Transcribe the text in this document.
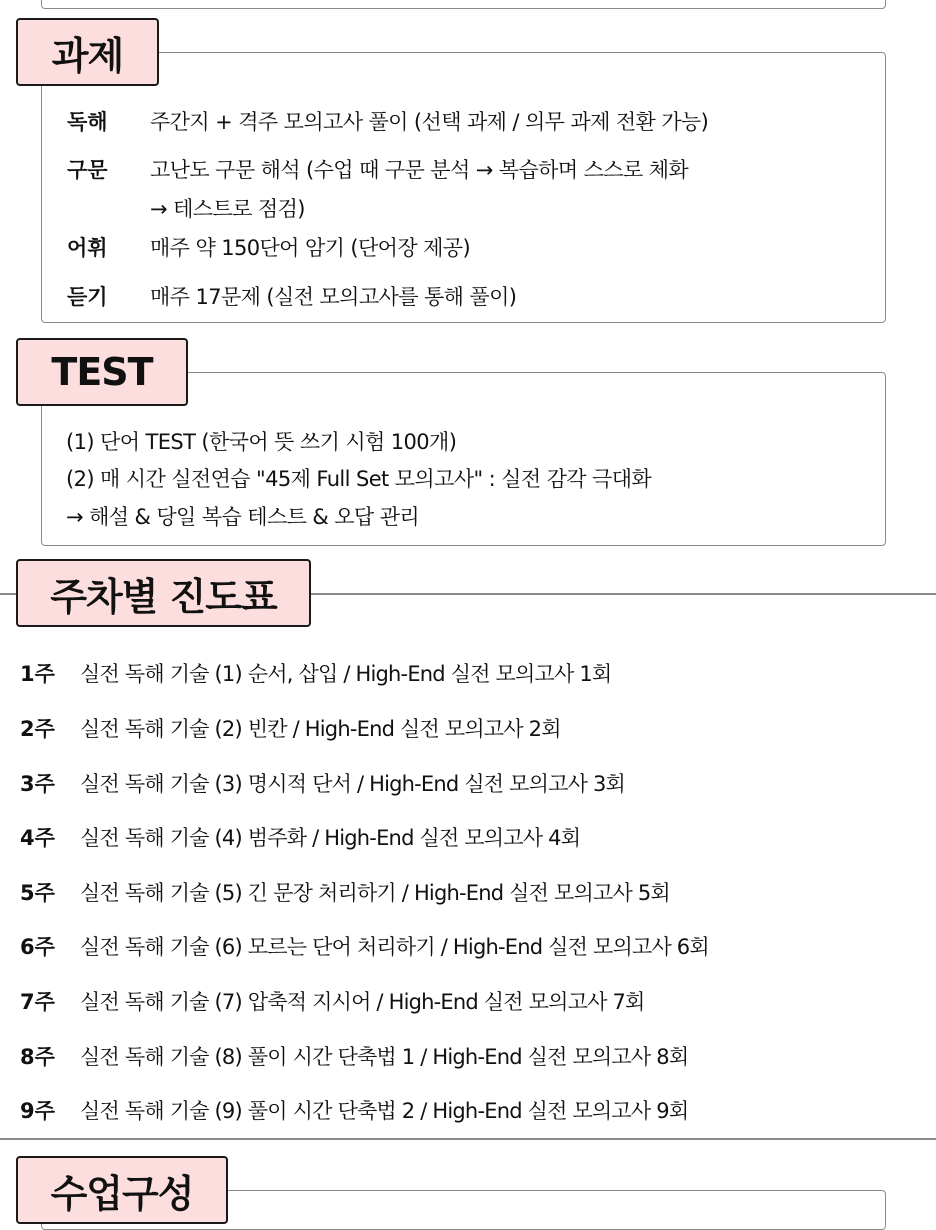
과제
독해 주간지 + 격주 모의고사 풀이 (선택 과제 / 의무 과제 전환 가능)
구문 고난도 구문 해석 (수업 때 구문 분석 → 복습하며 스스로 체화
→ 테스트로 점검)
어휘 매주 약 150단어 암기 (단어장 제공)
듣기 매주 17문제 (실전 모의고사를 통해 풀이)
TEST
(1) 단어 TEST (한국어 뜻 쓰기 시험 100개)
(2) 매 시간 실전연습 "45제 Full Set 모의고사" : 실전 감각 극대화
→ 해설 & 당일 복습 테스트 & 오답 관리
주차별 진도표
1주 실전 독해 기술 (1) 순서, 삽입 / High-End 실전 모의고사 1회
2주 실전 독해 기술 (2) 빈칸 / High-End 실전 모의고사 2회
3주 실전 독해 기술 (3) 명시적 단서 / High-End 실전 모의고사 3회
4주 실전 독해 기술 (4) 범주화 / High-End 실전 모의고사 4회
5주 실전 독해 기술 (5) 긴 문장 처리하기 / High-End 실전 모의고사 5회
6주 실전 독해 기술 (6) 모르는 단어 처리하기 / High-End 실전 모의고사 6회
7주 실전 독해 기술 (7) 압축적 지시어 / High-End 실전 모의고사 7회
8주 실전 독해 기술 (8) 풀이 시간 단축법 1 / High-End 실전 모의고사 8회
9주 실전 독해 기술 (9) 풀이 시간 단축법 2 / High-End 실전 모의고사 9회
수업구성
